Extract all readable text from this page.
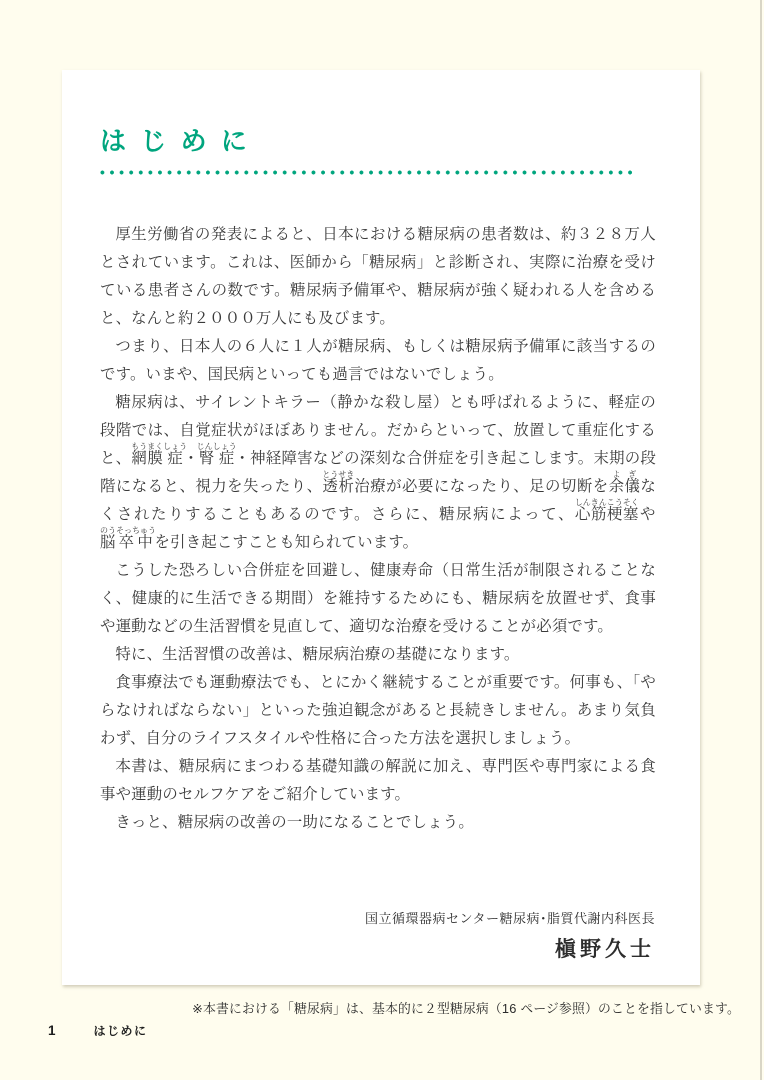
はじめに

厚生労働省の発表によると、日本における糖尿病の患者数は、約３２８万人とされています。これは、医師から「糖尿病」と診断され、実際に治療を受けている患者さんの数です。糖尿病予備軍や、糖尿病が強く疑われる人を含めると、なんと約２０００万人にも及びます。

つまり、日本人の６人に１人が糖尿病、もしくは糖尿病予備軍に該当するのです。いまや、国民病といっても過言ではないでしょう。

糖尿病は、サイレントキラー（静かな殺し屋）とも呼ばれるように、軽症の段階では、自覚症状がほぼありません。だからといって、放置して重症化すると、網膜もうまく症しょう・腎症じんしょう・神経障害などの深刻な合併症を引き起こします。末期の段階になると、視力を失ったり、透析とうせき治療が必要になったり、足の切断を余儀よぎなくされたりすることもあるのです。さらに、糖尿病によって、心筋梗塞しんきんこうそくや脳卒中のうそっちゅうを引き起こすことも知られています。

こうした恐ろしい合併症を回避し、健康寿命（日常生活が制限されることなく、健康的に生活できる期間）を維持するためにも、糖尿病を放置せず、食事や運動などの生活習慣を見直して、適切な治療を受けることが必須です。

特に、生活習慣の改善は、糖尿病治療の基礎になります。

食事療法でも運動療法でも、とにかく継続することが重要です。何事も、「やらなければならない」といった強迫観念があると長続きしません。あまり気負わず、自分のライフスタイルや性格に合った方法を選択しましょう。

本書は、糖尿病にまつわる基礎知識の解説に加え、専門医や専門家による食事や運動のセルフケアをご紹介しています。

きっと、糖尿病の改善の一助になることでしょう。

国立循環器病センター糖尿病･脂質代謝内科医長
槇野久士
※本書における「糖尿病」は、基本的に２型糖尿病（16 ページ参照）のことを指しています。
1	はじめに
